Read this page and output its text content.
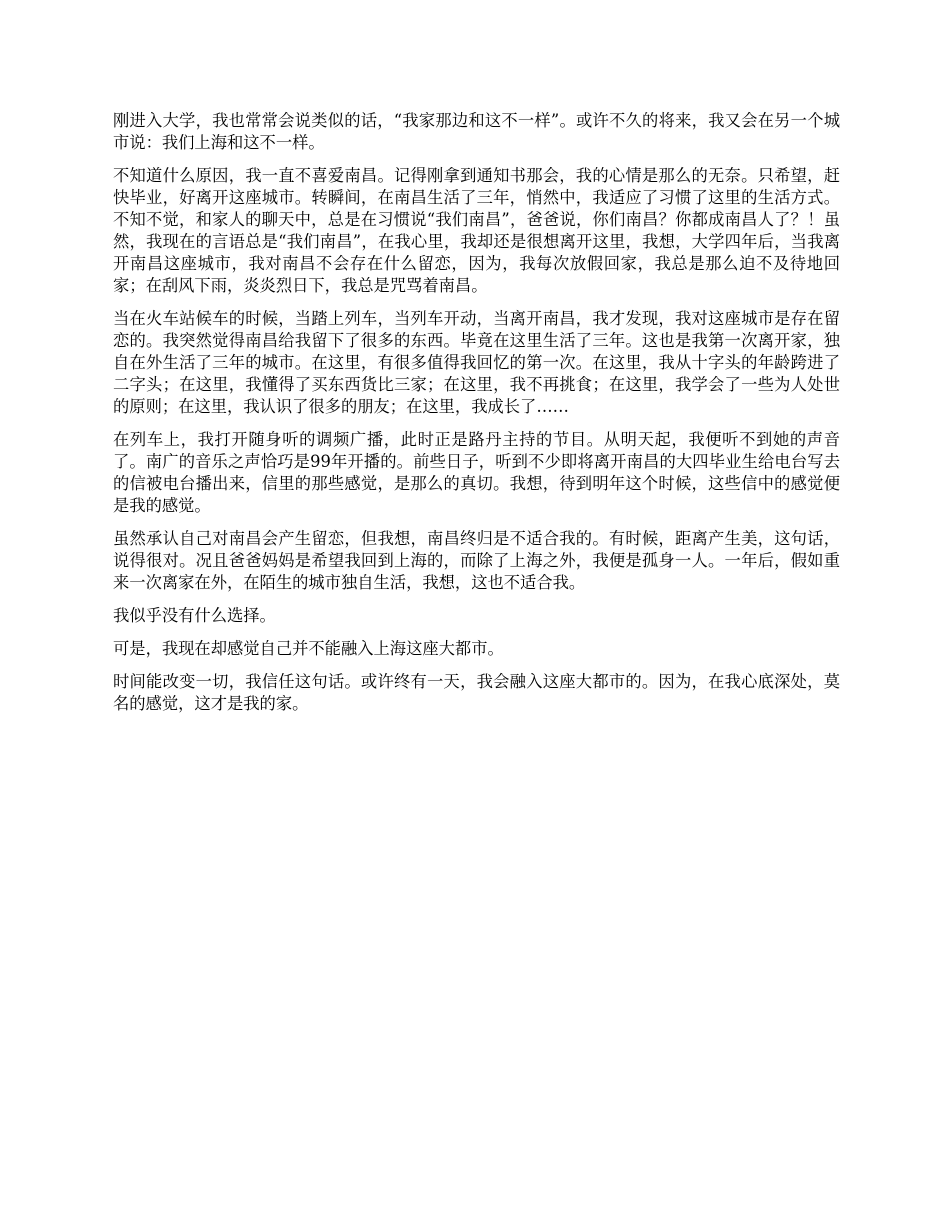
刚进入大学，我也常常会说类似的话，“我家那边和这不一样”。或许不久的将来，我又会在另一个城市说：我们上海和这不一样。

不知道什么原因，我一直不喜爱南昌。记得刚拿到通知书那会，我的心情是那么的无奈。只希望，赶快毕业，好离开这座城市。转瞬间，在南昌生活了三年，悄然中，我适应了习惯了这里的生活方式。不知不觉，和家人的聊天中，总是在习惯说“我们南昌”，爸爸说，你们南昌？你都成南昌人了？！虽然，我现在的言语总是“我们南昌”，在我心里，我却还是很想离开这里，我想，大学四年后，当我离开南昌这座城市，我对南昌不会存在什么留恋，因为，我每次放假回家，我总是那么迫不及待地回家；在刮风下雨，炎炎烈日下，我总是咒骂着南昌。

当在火车站候车的时候，当踏上列车，当列车开动，当离开南昌，我才发现，我对这座城市是存在留恋的。我突然觉得南昌给我留下了很多的东西。毕竟在这里生活了三年。这也是我第一次离开家，独自在外生活了三年的城市。在这里，有很多值得我回忆的第一次。在这里，我从十字头的年龄跨进了二字头；在这里，我懂得了买东西货比三家；在这里，我不再挑食；在这里，我学会了一些为人处世的原则；在这里，我认识了很多的朋友；在这里，我成长了……

在列车上，我打开随身听的调频广播，此时正是路丹主持的节目。从明天起，我便听不到她的声音了。南广的音乐之声恰巧是99年开播的。前些日子，听到不少即将离开南昌的大四毕业生给电台写去的信被电台播出来，信里的那些感觉，是那么的真切。我想，待到明年这个时候，这些信中的感觉便是我的感觉。

虽然承认自己对南昌会产生留恋，但我想，南昌终归是不适合我的。有时候，距离产生美，这句话，说得很对。况且爸爸妈妈是希望我回到上海的，而除了上海之外，我便是孤身一人。一年后，假如重来一次离家在外，在陌生的城市独自生活，我想，这也不适合我。

我似乎没有什么选择。

可是，我现在却感觉自己并不能融入上海这座大都市。

时间能改变一切，我信任这句话。或许终有一天，我会融入这座大都市的。因为，在我心底深处，莫名的感觉，这才是我的家。
